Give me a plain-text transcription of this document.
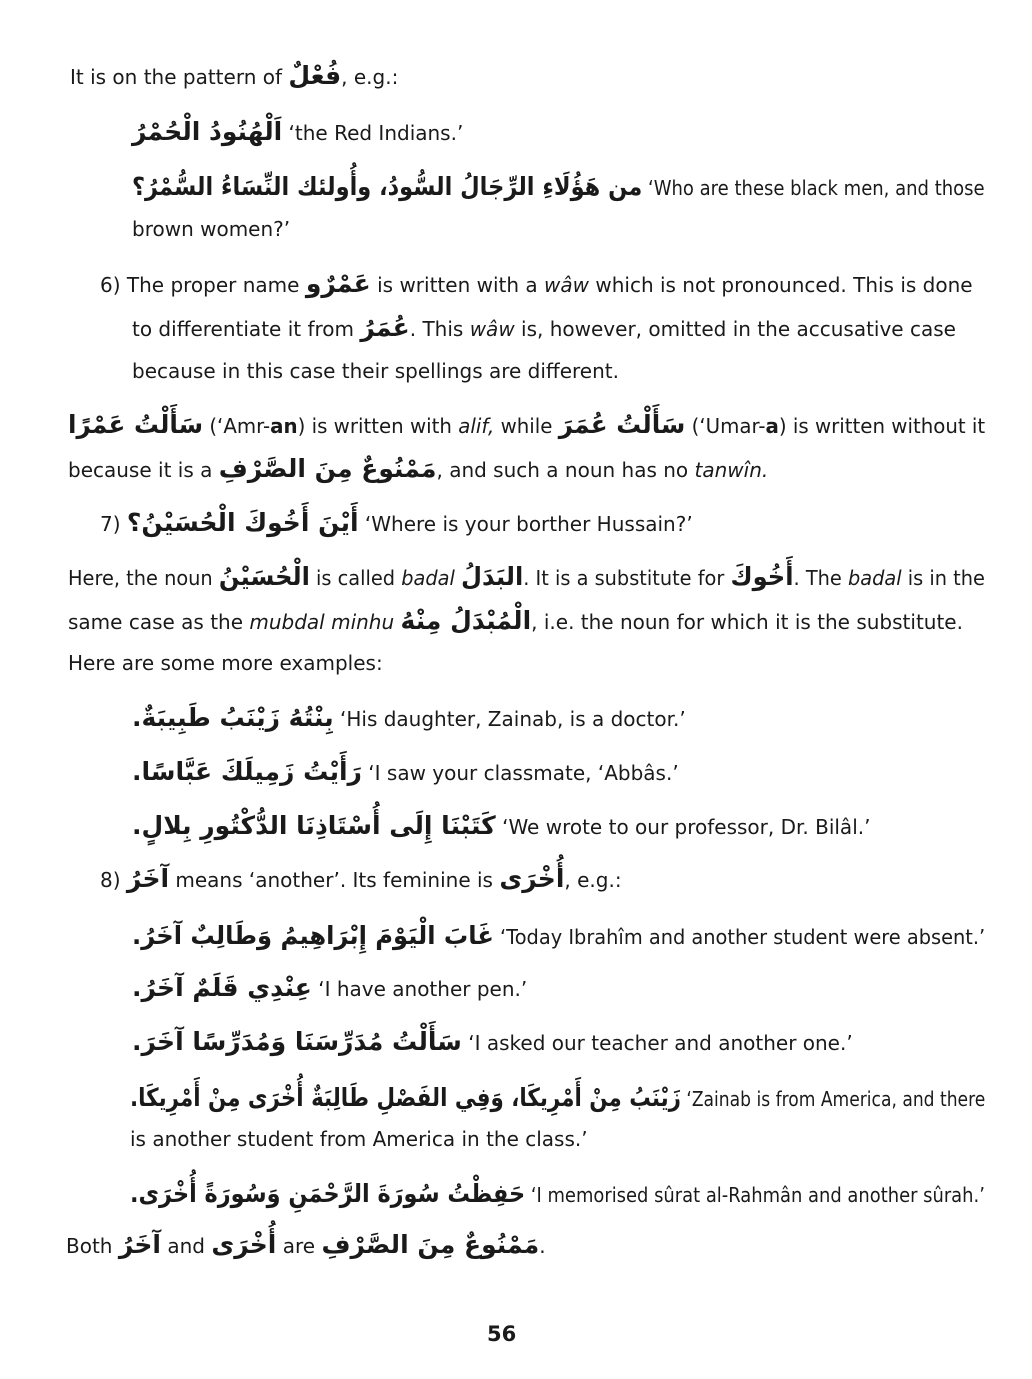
It is on the pattern of فُعْلٌ, e.g.:
اَلْهُنُودُ الْحُمْرُ ‘the Red Indians.’
من هَؤُلَاءِ الرِّجَالُ السُّودُ، وأُولئك النِّسَاءُ السُّمْرُ؟ ‘Who are these black men, and those
brown women?’
6) The proper name عَمْرٌو is written with a wâw which is not pronounced. This is done
to differentiate it from عُمَرُ. This wâw is, however, omitted in the accusative case
because in this case their spellings are different.
سَأَلْتُ عَمْرًا (‘Amr-an) is written with alif, while سَأَلْتُ عُمَرَ (‘Umar-a) is written without it
because it is a مَمْنُوعٌ مِنَ الصَّرْفِ, and such a noun has no tanwîn.
7) أَيْنَ أَخُوكَ الْحُسَيْنُ؟ ‘Where is your borther Hussain?’
Here, the noun الْحُسَيْنُ is called badal البَدَلُ. It is a substitute for أَخُوكَ. The badal is in the
same case as the mubdal minhu الْمُبْدَلُ مِنْهُ, i.e. the noun for which it is the substitute.
Here are some more examples:
بِنْتُهُ زَيْنَبُ طَبِيبَةٌ. ‘His daughter, Zainab, is a doctor.’
رَأَيْتُ زَمِيلَكَ عَبَّاسًا. ‘I saw your classmate, ‘Abbâs.’
كَتَبْنَا إِلَى أُسْتَاذِنَا الدُّكْتُورِ بِلالٍ. ‘We wrote to our professor, Dr. Bilâl.’
8) آخَرُ means ‘another’. Its feminine is أُخْرَى, e.g.:
غَابَ الْيَوْمَ إِبْرَاهِيمُ وَطَالِبٌ آخَرُ. ‘Today Ibrahîm and another student were absent.’
عِنْدِي قَلَمٌ آخَرُ. ‘I have another pen.’
سَأَلْتُ مُدَرِّسَنَا وَمُدَرِّسًا آخَرَ. ‘I asked our teacher and another one.’
زَيْنَبُ مِنْ أَمْرِيكَا، وَفِي الفَصْلِ طَالِبَةٌ أُخْرَى مِنْ أَمْرِيكَا. ‘Zainab is from America, and there
is another student from America in the class.’
حَفِظْتُ سُورَةَ الرَّحْمَنِ وَسُورَةً أُخْرَى. ‘I memorised sûrat al-Rahmân and another sûrah.’
Both آخَرُ and أُخْرَى are مَمْنُوعٌ مِنَ الصَّرْفِ.
56
